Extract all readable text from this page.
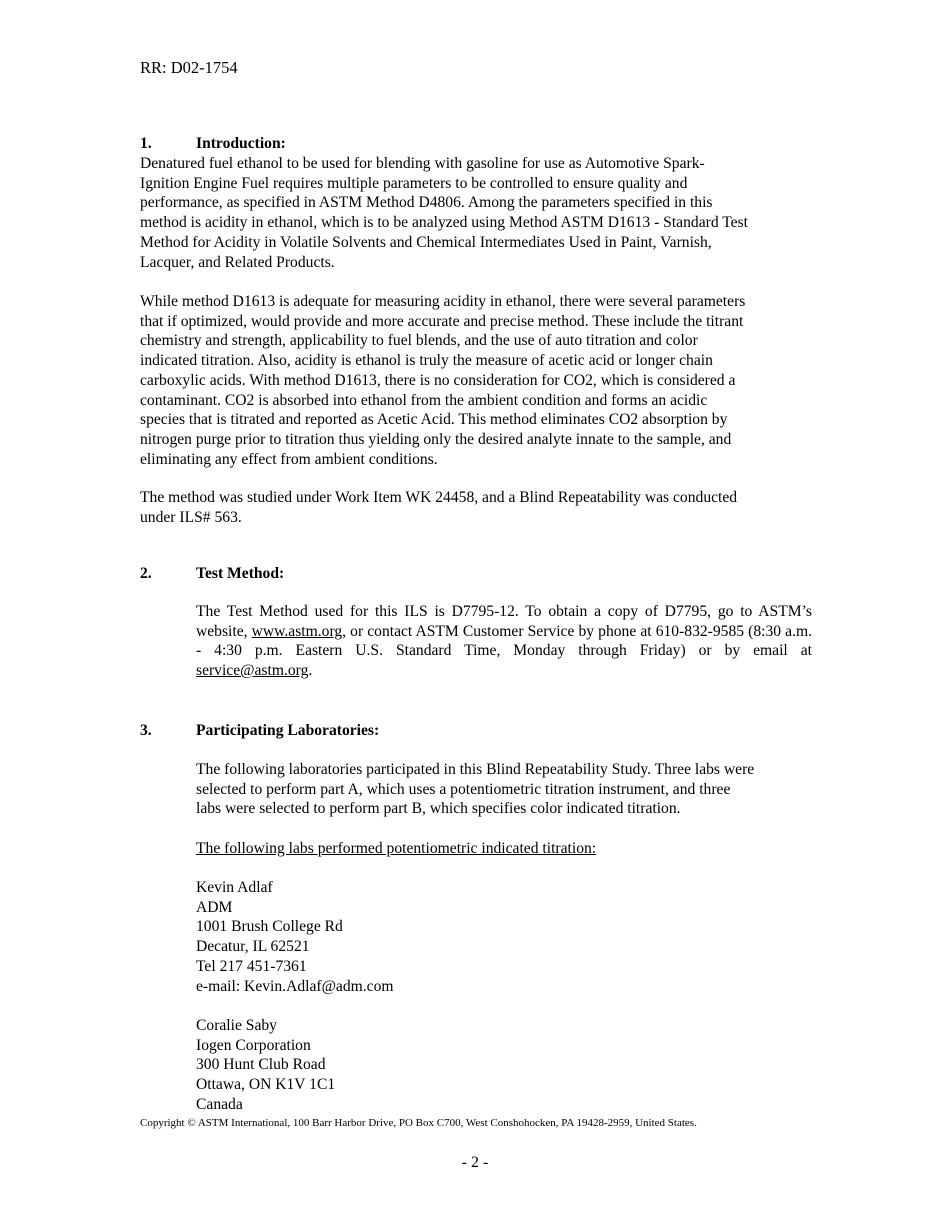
RR: D02-1754
1.	Introduction:
Denatured fuel ethanol to be used for blending with gasoline for use as Automotive Spark-
Ignition Engine Fuel requires multiple parameters to be controlled to ensure quality and
performance, as specified in ASTM Method D4806. Among the parameters specified in this
method is acidity in ethanol, which is to be analyzed using Method ASTM D1613 - Standard Test
Method for Acidity in Volatile Solvents and Chemical Intermediates Used in Paint, Varnish,
Lacquer, and Related Products.
While method D1613 is adequate for measuring acidity in ethanol, there were several parameters
that if optimized, would provide and more accurate and precise method. These include the titrant
chemistry and strength, applicability to fuel blends, and the use of auto titration and color
indicated titration. Also, acidity is ethanol is truly the measure of acetic acid or longer chain
carboxylic acids. With method D1613, there is no consideration for CO2, which is considered a
contaminant. CO2 is absorbed into ethanol from the ambient condition and forms an acidic
species that is titrated and reported as Acetic Acid. This method eliminates CO2 absorption by
nitrogen purge prior to titration thus yielding only the desired analyte innate to the sample, and
eliminating any effect from ambient conditions.
The method was studied under Work Item WK 24458, and a Blind Repeatability was conducted
under ILS# 563.
2.	Test Method:
The Test Method used for this ILS is D7795-12. To obtain a copy of D7795, go to ASTM’s website, www.astm.org, or contact ASTM Customer Service by phone at 610-832-9585 (8:30 a.m. - 4:30 p.m. Eastern U.S. Standard Time, Monday through Friday) or by email at service@astm.org.
3.	Participating Laboratories:
The following laboratories participated in this Blind Repeatability Study. Three labs were
selected to perform part A, which uses a potentiometric titration instrument, and three
labs were selected to perform part B, which specifies color indicated titration.
The following labs performed potentiometric indicated titration:
Kevin Adlaf
ADM
1001 Brush College Rd
Decatur, IL 62521
Tel 217 451-7361
e-mail: Kevin.Adlaf@adm.com
Coralie Saby
Iogen Corporation
300 Hunt Club Road
Ottawa, ON K1V 1C1
Canada
Copyright © ASTM International, 100 Barr Harbor Drive, PO Box C700, West Conshohocken, PA 19428-2959, United States.
- 2 -
